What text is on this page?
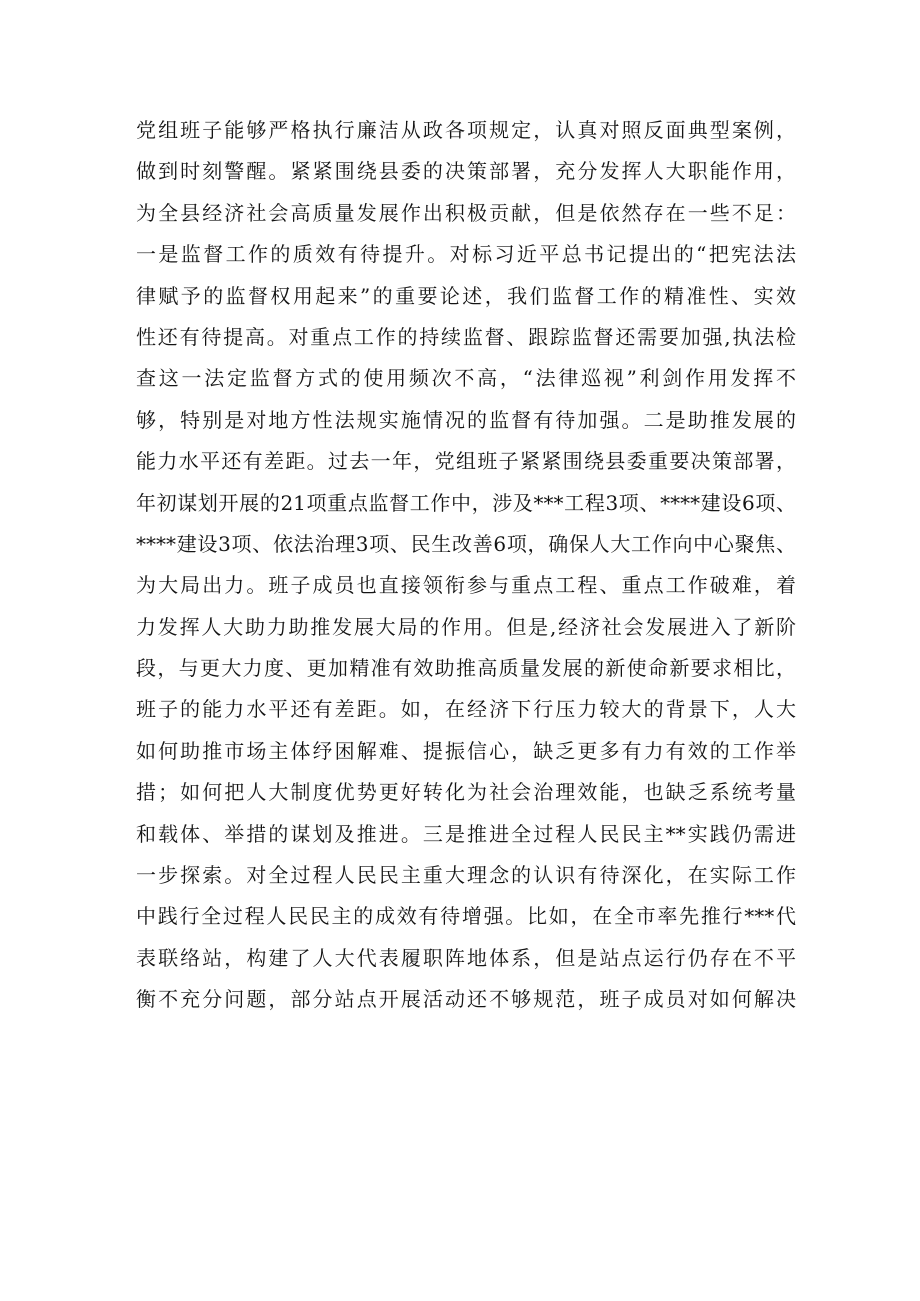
党组班子能够严格执行廉洁从政各项规定，认真对照反面典型案例，
做到时刻警醒。紧紧围绕县委的决策部署，充分发挥人大职能作用，
为全县经济社会高质量发展作出积极贡献，但是依然存在一些不足：
一是监督工作的质效有待提升。对标习近平总书记提出的“把宪法法
律赋予的监督权用起来”的重要论述，我们监督工作的精准性、实效
性还有待提高。对重点工作的持续监督、跟踪监督还需要加强,执法检
查这一法定监督方式的使用频次不高，“法律巡视”利剑作用发挥不
够，特别是对地方性法规实施情况的监督有待加强。二是助推发展的
能力水平还有差距。过去一年，党组班子紧紧围绕县委重要决策部署，
年初谋划开展的21项重点监督工作中，涉及***工程3项、****建设6项、
****建设3项、依法治理3项、民生改善6项，确保人大工作向中心聚焦、
为大局出力。班子成员也直接领衔参与重点工程、重点工作破难，着
力发挥人大助力助推发展大局的作用。但是,经济社会发展进入了新阶
段，与更大力度、更加精准有效助推高质量发展的新使命新要求相比，
班子的能力水平还有差距。如，在经济下行压力较大的背景下，人大
如何助推市场主体纾困解难、提振信心，缺乏更多有力有效的工作举
措；如何把人大制度优势更好转化为社会治理效能，也缺乏系统考量
和载体、举措的谋划及推进。三是推进全过程人民民主**实践仍需进
一步探索。对全过程人民民主重大理念的认识有待深化，在实际工作
中践行全过程人民民主的成效有待增强。比如，在全市率先推行***代
表联络站，构建了人大代表履职阵地体系，但是站点运行仍存在不平
衡不充分问题，部分站点开展活动还不够规范，班子成员对如何解决
